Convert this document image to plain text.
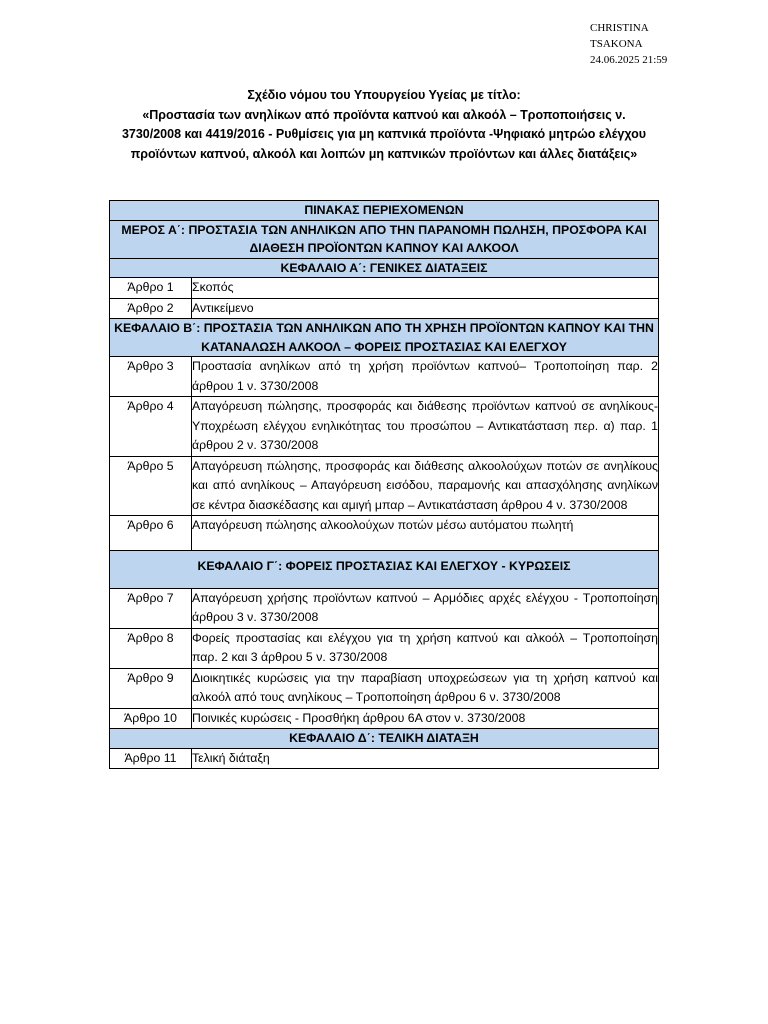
CHRISTINA
TSAKONA
24.06.2025 21:59
Σχέδιο νόμου του Υπουργείου Υγείας με τίτλο:
«Προστασία των ανηλίκων από προϊόντα καπνού και αλκοόλ – Τροποποιήσεις ν. 3730/2008 και 4419/2016 - Ρυθμίσεις για μη καπνικά προϊόντα -Ψηφιακό μητρώο ελέγχου προϊόντων καπνού, αλκοόλ και λοιπών μη καπνικών προϊόντων και άλλες διατάξεις»
ΠΙΝΑΚΑΣ ΠΕΡΙΕΧΟΜΕΝΩΝ	
ΜΕΡΟΣ Α΄: ΠΡΟΣΤΑΣΙΑ ΤΩΝ ΑΝΗΛΙΚΩΝ ΑΠΟ ΤΗΝ ΠΑΡΑΝΟΜΗ ΠΩΛΗΣΗ, ΠΡΟΣΦΟΡΑ ΚΑΙ ΔΙΑΘΕΣΗ ΠΡΟΪΟΝΤΩΝ ΚΑΠΝΟΥ ΚΑΙ ΑΛΚΟΟΛ	
ΚΕΦΑΛΑΙΟ Α΄: ΓΕΝΙΚΕΣ ΔΙΑΤΑΞΕΙΣ	
Άρθρο 1	Σκοπός
Άρθρο 2	Αντικείμενο
ΚΕΦΑΛΑΙΟ Β΄: ΠΡΟΣΤΑΣΙΑ ΤΩΝ ΑΝΗΛΙΚΩΝ ΑΠΟ ΤΗ ΧΡΗΣΗ ΠΡΟΪΟΝΤΩΝ ΚΑΠΝΟΥ ΚΑΙ ΤΗΝ ΚΑΤΑΝΑΛΩΣΗ ΑΛΚΟΟΛ – ΦΟΡΕΙΣ ΠΡΟΣΤΑΣΙΑΣ ΚΑΙ ΕΛΕΓΧΟΥ	
Άρθρο 3	Προστασία ανηλίκων από τη χρήση προϊόντων καπνού– Τροποποίηση παρ. 2 άρθρου 1 ν. 3730/2008
Άρθρο 4	Απαγόρευση πώλησης, προσφοράς και διάθεσης προϊόντων καπνού σε ανηλίκους- Υποχρέωση ελέγχου ενηλικότητας του προσώπου – Αντικατάσταση περ. α) παρ. 1 άρθρου 2 ν. 3730/2008
Άρθρο 5	Απαγόρευση πώλησης, προσφοράς και διάθεσης αλκοολούχων ποτών σε ανηλίκους και από ανηλίκους – Απαγόρευση εισόδου, παραμονής και απασχόλησης ανηλίκων σε κέντρα διασκέδασης και αμιγή μπαρ – Αντικατάσταση άρθρου 4 ν. 3730/2008
Άρθρο 6	Απαγόρευση πώλησης αλκοολούχων ποτών μέσω αυτόματου πωλητή
ΚΕΦΑΛΑΙΟ Γ΄: ΦΟΡΕΙΣ ΠΡΟΣΤΑΣΙΑΣ ΚΑΙ ΕΛΕΓΧΟΥ - ΚΥΡΩΣΕΙΣ	
Άρθρο 7	Απαγόρευση χρήσης προϊόντων καπνού – Αρμόδιες αρχές ελέγχου - Τροποποίηση άρθρου 3 ν. 3730/2008
Άρθρο 8	Φορείς προστασίας και ελέγχου για τη χρήση καπνού και αλκοόλ – Τροποποίηση παρ. 2 και 3 άρθρου 5 ν. 3730/2008
Άρθρο 9	Διοικητικές κυρώσεις για την παραβίαση υποχρεώσεων για τη χρήση καπνού και αλκοόλ από τους ανηλίκους – Τροποποίηση άρθρου 6 ν. 3730/2008
Άρθρο 10	Ποινικές κυρώσεις - Προσθήκη άρθρου 6Α στον ν. 3730/2008
ΚΕΦΑΛΑΙΟ Δ΄: ΤΕΛΙΚΗ ΔΙΑΤΑΞΗ	
Άρθρο 11	Τελική διάταξη
